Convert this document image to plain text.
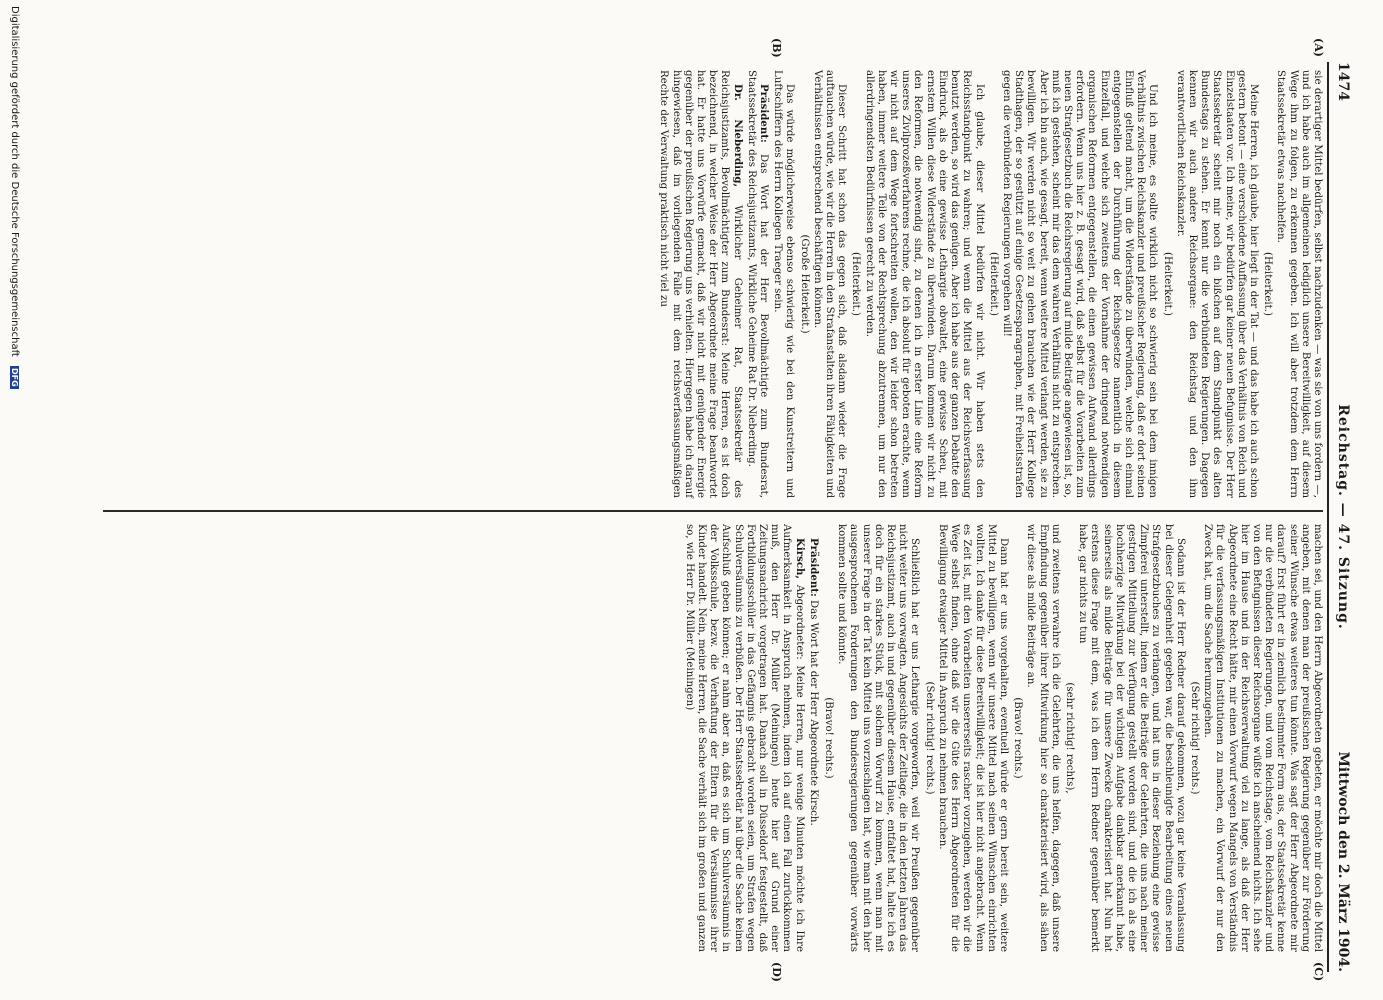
1474
Reichstag. — 47. Sitzung.
Mittwoch den 2. März 1904.
(A)
(B)
(C)
(D)

sie derartiger Mittel bedürfen, selbst nachzudenken — was sie von uns fordern —, und ich habe auch im allgemeinen lediglich unsere Bereitwilligkeit, auf diesem Wege ihm zu folgen, zu erkennen gegeben. Ich will aber trotzdem dem Herrn Staatssekretär etwas nachhelfen.

(Heiterkeit.)

Meine Herren, ich glaube, hier liegt in der Tat — und das habe ich auch schon gestern betont — eine verschiedene Auffassung über das Verhältnis von Reich und Einzelstaaten vor. Ich meine, wir bedürfen gar keiner neuen Befugnisse. Der Herr Staatssekretär scheint mir noch ein bißchen auf dem Standpunkt des alten Bundestags zu stehen. Er kennt nur die verbündeten Regierungen. Dagegen kennen wir auch andere Reichsorgane: den Reichstag und den ihm verantwortlichen Reichskanzler.

(Heiterkeit.)

Und ich meine, es sollte wirklich nicht so schwierig sein bei dem innigen Verhältnis zwischen Reichskanzler und preußischer Regierung, daß er dort seinen Einfluß geltend macht, um die Widerstände zu überwinden, welche sich einmal entgegenstellen der Durchführung der Reichsgesetze namentlich in diesem Einzelfall, und welche sich zweitens der Vornahme der dringend notwendigen organischen Reformen entgegenstellen, die einen gewissen Aufwand allerdings erfordern. Wenn uns hier z. B. gesagt wird, daß selbst für die Vorarbeiten zum neuen Strafgesetzbuch die Reichsregierung auf milde Beiträge angewiesen ist, so, muß ich gestehen, scheint mir das dem wahren Verhältnis nicht zu entsprechen. Aber ich bin auch, wie gesagt, bereit, wenn weitere Mittel verlangt werden, sie zu bewilligen. Wir werden nicht so weit zu gehen brauchen wie der Herr Kollege Stadthagen, der so gestützt auf einige Gesetzesparagraphen, mit Freiheitsstrafen gegen die verbündeten Regierungen vorgehen will!

(Heiterkeit.)

Ich glaube, dieser Mittel bedürfen wir nicht. Wir haben stets den Reichsstandpunkt zu wahren; und wenn die Mittel aus der Reichsverfassung benutzt werden, so wird das genügen. Aber ich habe aus der ganzen Debatte den Eindruck, als ob eine gewisse Lethargie obwaltet, eine gewisse Scheu, mit ernstem Willen diese Widerstände zu überwinden. Darum kommen wir nicht zu den Reformen, die notwendig sind, zu denen ich in erster Linie eine Reform unseres Zivilprozeßverfahrens rechne, die ich absolut für geboten erachte, wenn wir nicht auf dem Wege fortschreiten wollen, den wir leider schon betreten haben, immer weitere Teile von der Rechtsprechung abzutrennen, um nur den allerdringendsten Bedürfnissen gerecht zu werden.

(Heiterkeit.)

Dieser Schritt hat schon das gegen sich, daß alsdann wieder die Frage auftauchen würde, wie wir die Herren in den Strafanstalten ihren Fähigkeiten und Verhältnissen entsprechend beschäftigen können.

(Große Heiterkeit.)

Das würde möglicherweise ebenso schwierig wie bei den Kunstreitern und Luftschiffern des Herrn Kollegen Traeger sein.

Präsident: Das Wort hat der Herr Bevollmächtigte zum Bundesrat, Staatssekretär des Reichsjustizamts, Wirkliche Geheime Rat Dr. Nieberding.

Dr. Nieberding, Wirklicher Geheimer Rat, Staatssekretär des Reichsjustizamts, Bevollmächtigter zum Bundesrat: Meine Herren, es ist doch bezeichnend, in welcher Weise der Herr Abgeordnete meine Frage beantwortet hat. Er hatte uns Vorwürfe gemacht, daß wir nicht mit genügender Energie gegenüber der preußischen Regierung uns verhielten. Hiergegen habe ich darauf hingewiesen, daß im vorliegenden Falle mit dem reichsverfassungsmäßigen Rechte der Verwaltung praktisch nicht viel zu

machen sei, und den Herrn Abgeordneten gebeten, er möchte mir doch die Mittel angeben, mit denen man der preußischen Regierung gegenüber zur Förderung seiner Wünsche etwas weiteres tun könnte. Was sagt der Herr Abgeordnete mir darauf? Erst führt er in ziemlich bestimmter Form aus, der Staatssekretär kenne nur die verbündeten Regierungen, und vom Reichstage, vom Reichskanzler und von den Befugnissen dieser Reichsorgane wüßte ich anscheinend nichts. Ich sehe hier im Hause und in der Reichsverwaltung viel zu lange, als daß der Herr Abgeordnete eine Recht hätte, mir einen Vorwurf wegen Mangels von Verständnis für die verfassungsmäßigen Institutionen zu machen, ein Vorwurf der nur den Zweck hat, um die Sache herumzugehen.

(Sehr richtig! rechts.)

Sodann ist der Herr Redner darauf gekommen, wozu gar keine Veranlassung bei dieser Gelegenheit gegeben war, die beschleunigte Bearbeitung eines neuen Strafgesetzbuches zu verlangen, und hat uns in dieser Beziehung eine gewisse Zimpferei unterstellt, indem er die Beiträge der Gelehrten, die uns nach meiner gestrigen Mitteilung zur Verfügung gestellt worden sind, und die ich als eine hochherzige Mitwirkung bei der wichtigen Aufgabe dankbar anerkannt habe, seinerseits als milde Beiträge für unsere Zwecke charakterisiert hat. Nun hat erstens diese Frage mit dem, was ich dem Herrn Redner gegenüber bemerkt habe, gar nichts zu tun

(sehr richtig! rechts),

und zweitens verwahre ich die Gelehrten, die uns helfen, dagegen, daß unsere Empfindung gegenüber ihrer Mitwirkung hier so charakterisiert wird, als sähen wir diese als milde Beiträge an.

(Bravo! rechts.)

Dann hat er uns vorgehalten, eventuell würde er gern bereit sein, weitere Mittel zu bewilligen, wenn wir unsere Mittel nach seinen Wünschen einrichten wollten. Ich danke für diese Bereitwilligkeit; die ist hier nicht angebracht. Wenn es Zeit ist, mit den Vorarbeiten unsererseits rascher vorzugehen, werden wir die Wege selbst finden, ohne daß wir die Güte des Herrn Abgeordneten für die Bewilligung etwaiger Mittel in Anspruch zu nehmen brauchen.

(Sehr richtig! rechts.)

Schließlich hat er uns Lethargie vorgeworfen, weil wir Preußen gegenüber nicht weiter uns vorwagten. Angesichts der Zeitlage, die in den letzten Jahren das Reichsjustizamt, auch in und gegenüber diesem Hause, entfaltet hat, halte ich es doch für ein starkes Stück, mit solchem Vorwurf zu kommen, wenn man mit unserer Frage in der Tat kein Mittel uns vorzuschlagen hat, wie man mit den hier ausgesprochenen Forderungen den Bundesregierungen gegenüber vorwärts kommen sollte und könnte.

(Bravo! rechts.)

Präsident: Das Wort hat der Herr Abgeordnete Kirsch.

Kirsch, Abgeordneter: Meine Herren, nur wenige Minuten möchte ich Ihre Aufmerksamkeit in Anspruch nehmen, indem ich auf einen Fall zurückkommen muß, den Herr Dr. Müller (Meiningen) heute hier auf Grund einer Zeitungsnachricht vorgetragen hat. Danach soll in Düsseldorf festgestellt, daß Fortbildungsschüler in das Gefängnis gebracht worden seien, um Strafen wegen Schulversäumnis zu verbüßen. Der Herr Staatssekretär hat über die Sache keinen Aufschluß geben können; er nahm aber an, daß es sich um Schulversäumnis in der Volksschule, bezw. die Verhaftung der Eltern für die Versäumnisse ihrer Kinder handelt. Nein, meine Herren, die Sache verhält sich im großen und ganzen so, wie Herr Dr. Müller (Meiningen)

Digitalisierung gefördert durch die Deutsche Forschungsgemeinschaft DFG
